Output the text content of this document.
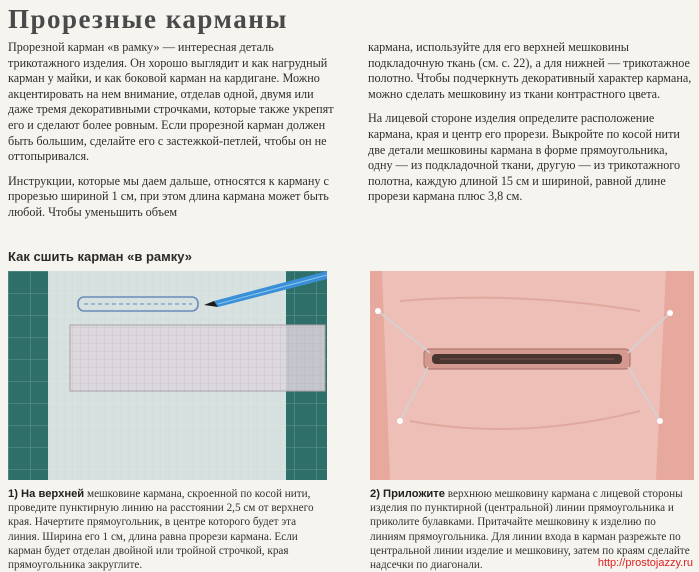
Прорезные карманы

Прорезной карман «в рамку» — интересная деталь трикотажного изделия. Он хорошо выглядит и как нагрудный карман у майки, и как боковой карман на кардигане. Можно акцентировать на нем внимание, отделав одной, двумя или даже тремя декоративными строчками, которые также укрепят его и сделают более ровным. Если прорезной карман должен быть большим, сделайте его с застежкой-петлей, чтобы он не оттопыривался.

Инструкции, которые мы даем дальше, относятся к карману с прорезью шириной 1 см, при этом длина кармана может быть любой. Чтобы уменьшить объем

кармана, используйте для его верхней мешковины подкладочную ткань (см. с. 22), а для нижней — трикотажное полотно. Чтобы подчеркнуть декоративный характер кармана, можно сделать мешковину из ткани контрастного цвета.

На лицевой стороне изделия определите расположение кармана, края и центр его прорези. Выкройте по косой нити две детали мешковины кармана в форме прямоугольника, одну — из подкладочной ткани, другую — из трикотажного полотна, каждую длиной 15 см и шириной, равной длине прорези кармана плюс 3,8 см.

Как сшить карман «в рамку»
1) На верхней мешковине кармана, скроенной по косой нити, проведите пунктирную линию на расстоянии 2,5 см от верхнего края. Начертите прямоугольник, в центре которого будет эта линия. Ширина его 1 см, длина равна прорези кармана. Если карман будет отделан двойной или тройной строчкой, края прямоугольника закруглите.
2) Приложите верхнюю мешковину кармана с лицевой стороны изделия по пунктирной (центральной) линии прямоугольника и приколите булавками. Притачайте мешковину к изделию по линиям прямоугольника. Для линии входа в карман разрежьте по центральной линии изделие и мешковину, затем по краям сделайте надсечки по диагонали.	http://prostojazzy.ru
